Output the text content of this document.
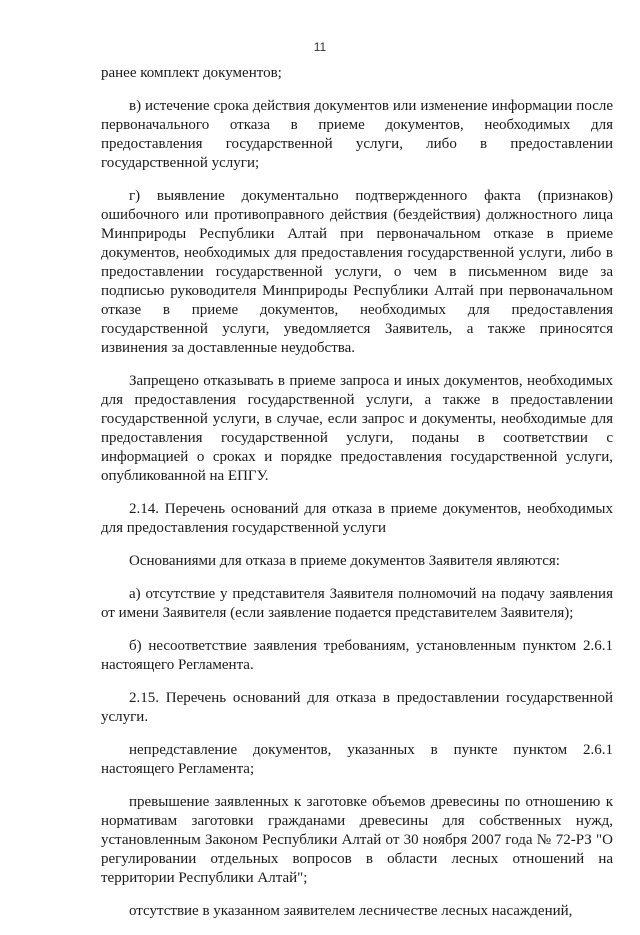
11

ранее комплект документов;

в) истечение срока действия документов или изменение информации после первоначального отказа в приеме документов, необходимых для предоставления государственной услуги, либо в предоставлении государственной услуги;

г) выявление документально подтвержденного факта (признаков) ошибочного или противоправного действия (бездействия) должностного лица Минприроды Республики Алтай при первоначальном отказе в приеме документов, необходимых для предоставления государственной услуги, либо в предоставлении государственной услуги, о чем в письменном виде за подписью руководителя Минприроды Республики Алтай при первоначальном отказе в приеме документов, необходимых для предоставления государственной услуги, уведомляется Заявитель, а также приносятся извинения за доставленные неудобства.

Запрещено отказывать в приеме запроса и иных документов, необходимых для предоставления государственной услуги, а также в предоставлении государственной услуги, в случае, если запрос и документы, необходимые для предоставления государственной услуги, поданы в соответствии с информацией о сроках и порядке предоставления государственной услуги, опубликованной на ЕПГУ.

2.14. Перечень оснований для отказа в приеме документов, необходимых для предоставления государственной услуги

Основаниями для отказа в приеме документов Заявителя являются:

а) отсутствие у представителя Заявителя полномочий на подачу заявления от имени Заявителя (если заявление подается представителем Заявителя);

б) несоответствие заявления требованиям, установленным пунктом 2.6.1 настоящего Регламента.

2.15. Перечень оснований для отказа в предоставлении государственной услуги.

непредставление документов, указанных в пункте пунктом 2.6.1 настоящего Регламента;

превышение заявленных к заготовке объемов древесины по отношению к нормативам заготовки гражданами древесины для собственных нужд, установленным Законом Республики Алтай от 30 ноября 2007 года № 72-РЗ "О регулировании отдельных вопросов в области лесных отношений на территории Республики Алтай";

отсутствие в указанном заявителем лесничестве лесных насаждений,
